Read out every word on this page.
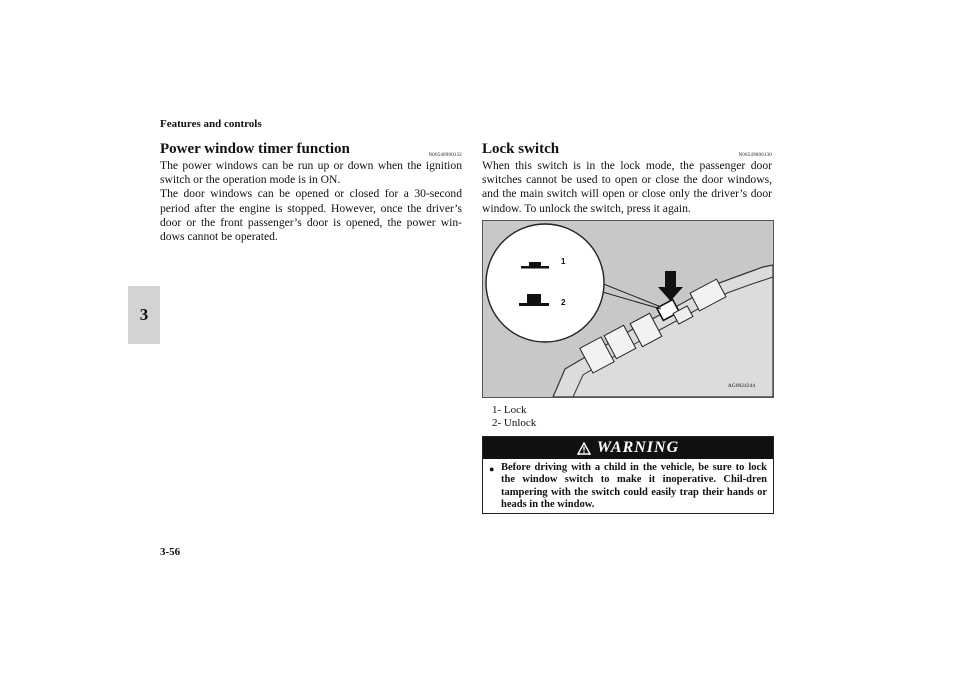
Features and controls
3
Power window timer function	N00548900132

The power windows can be run up or down when the ignition switch or the operation mode is in ON.

The door windows can be opened or closed for a 30-second period after the engine is stopped. However, once the driver’s door or the front passenger’s door is opened, the power win-dows cannot be operated.

Lock switch	N00549000130
When this switch is in the lock mode, the passenger door switches cannot be used to open or close the door windows, and the main switch will open or close only the driver’s door window. To unlock the switch, press it again.
1
2
AG0024244
1- Lock
2- Unlock
WARNING
● Before driving with a child in the vehicle, be sure to lock the window switch to make it inoperative. Chil-dren tampering with the switch could easily trap their hands or heads in the window.
3-56
